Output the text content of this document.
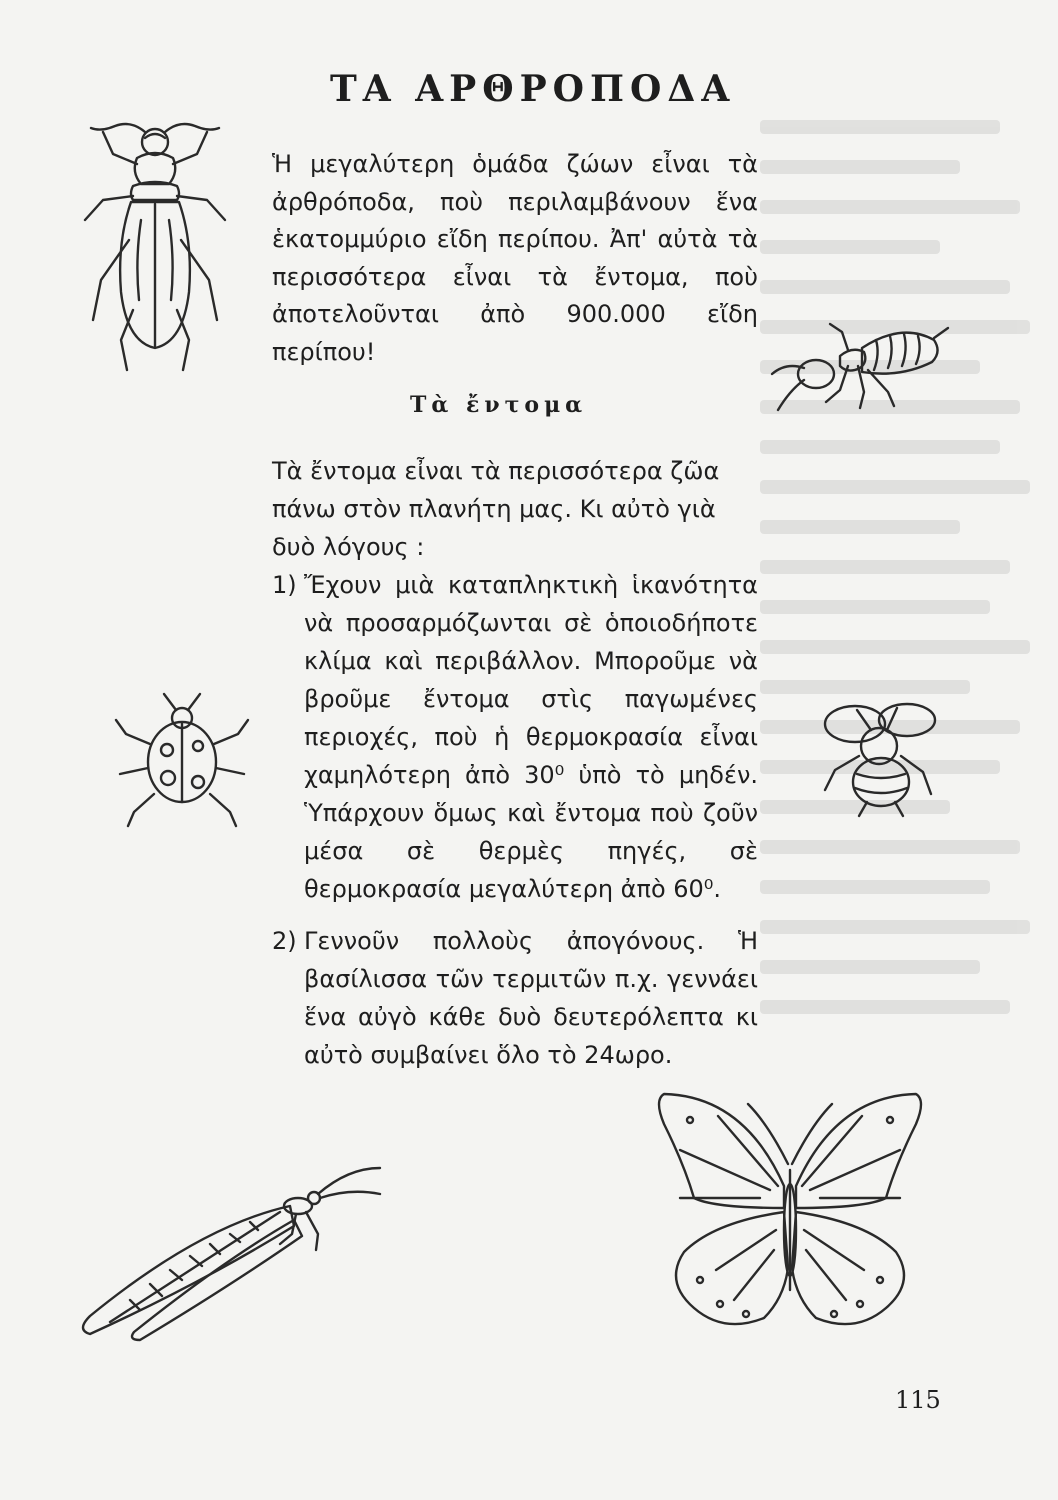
ΤΑ ΑΡΘΡΟΠΟΔΑ
Ἡ μεγαλύτερη ὁμάδα ζώων εἶναι τὰ ἀρθρόποδα, ποὺ περιλαμβάνουν ἕνα ἑκατομμύριο εἴδη περίπου. Ἀπ' αὐτὰ τὰ περισσότερα εἶναι τὰ ἔντομα, ποὺ ἀποτελοῦνται ἀπὸ 900.000 εἴδη περίπου!
Τὰ ἔντομα
Τὰ ἔντομα εἶναι τὰ περισσότερα ζῶα πάνω στὸν πλανήτη μας. Κι αὐτὸ γιὰ δυὸ λόγους :
1) Ἔχουν μιὰ καταπληκτικὴ ἱκανότητα νὰ προσαρμόζωνται σὲ ὁποιοδήποτε κλίμα καὶ περιβάλλον. Μποροῦμε νὰ βροῦμε ἔντομα στὶς παγωμένες περιοχές, ποὺ ἡ θερμοκρασία εἶναι χαμηλότερη ἀπὸ 30⁰ ὑπὸ τὸ μηδέν. Ὑπάρχουν ὅμως καὶ ἔντομα ποὺ ζοῦν μέσα σὲ θερμὲς πηγές, σὲ θερμοκρασία μεγαλύτερη ἀπὸ 60⁰.
2) Γεννοῦν πολλοὺς ἀπογόνους. Ἡ βασίλισσα τῶν τερμιτῶν π.χ. γεννάει ἕνα αὐγὸ κάθε δυὸ δευτερόλεπτα κι αὐτὸ συμβαίνει ὅλο τὸ 24ωρο.
115
